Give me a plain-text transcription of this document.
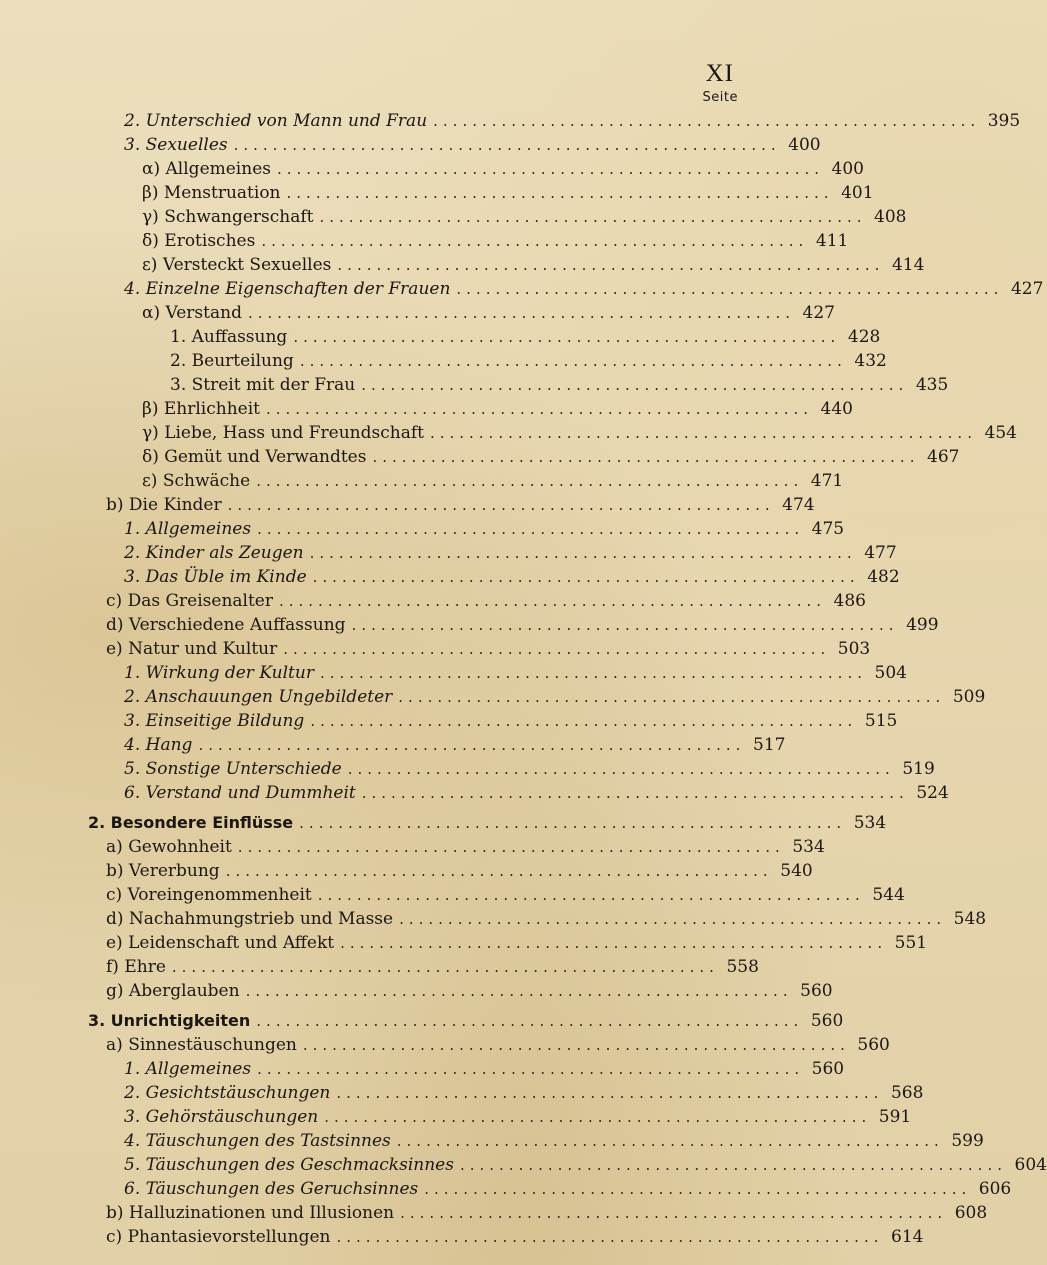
XI
Seite
2.
Unterschied von Mann und Frau ........................................................ 395
3.
Sexuelles ........................................................ 400
α)
Allgemeines ........................................................ 400
β)
Menstruation ........................................................ 401
γ)
Schwangerschaft ........................................................ 408
δ)
Erotisches ........................................................ 411
ε)
Versteckt Sexuelles ........................................................ 414
4.
Einzelne Eigenschaften der Frauen ........................................................ 427
α)
Verstand ........................................................ 427
1.
Auffassung ........................................................ 428
2.
Beurteilung ........................................................ 432
3.
Streit mit der Frau ........................................................ 435
β)
Ehrlichheit ........................................................ 440
γ)
Liebe, Hass und Freundschaft ........................................................ 454
δ)
Gemüt und Verwandtes ........................................................ 467
ε)
Schwäche ........................................................ 471
b)
Die Kinder ........................................................ 474
1.
Allgemeines ........................................................ 475
2.
Kinder als Zeugen ........................................................ 477
3.
Das Üble im Kinde ........................................................ 482
c)
Das Greisenalter ........................................................ 486
d)
Verschiedene Auffassung ........................................................ 499
e)
Natur und Kultur ........................................................ 503
1.
Wirkung der Kultur ........................................................ 504
2.
Anschauungen Ungebildeter ........................................................ 509
3.
Einseitige Bildung ........................................................ 515
4.
Hang ........................................................ 517
5.
Sonstige Unterschiede ........................................................ 519
6.
Verstand und Dummheit ........................................................ 524
2.
Besondere Einflüsse ........................................................ 534
a)
Gewohnheit ........................................................ 534
b)
Vererbung ........................................................ 540
c)
Voreingenommenheit ........................................................ 544
d)
Nachahmungstrieb und Masse ........................................................ 548
e)
Leidenschaft und Affekt ........................................................ 551
f)
Ehre ........................................................ 558
g)
Aberglauben ........................................................ 560
3.
Unrichtigkeiten ........................................................ 560
a)
Sinnestäuschungen ........................................................ 560
1.
Allgemeines ........................................................ 560
2.
Gesichtstäuschungen ........................................................ 568
3.
Gehörstäuschungen ........................................................ 591
4.
Täuschungen des Tastsinnes ........................................................ 599
5.
Täuschungen des Geschmacksinnes ........................................................ 604
6.
Täuschungen des Geruchsinnes ........................................................ 606
b)
Halluzinationen und Illusionen ........................................................ 608
c)
Phantasievorstellungen ........................................................ 614
